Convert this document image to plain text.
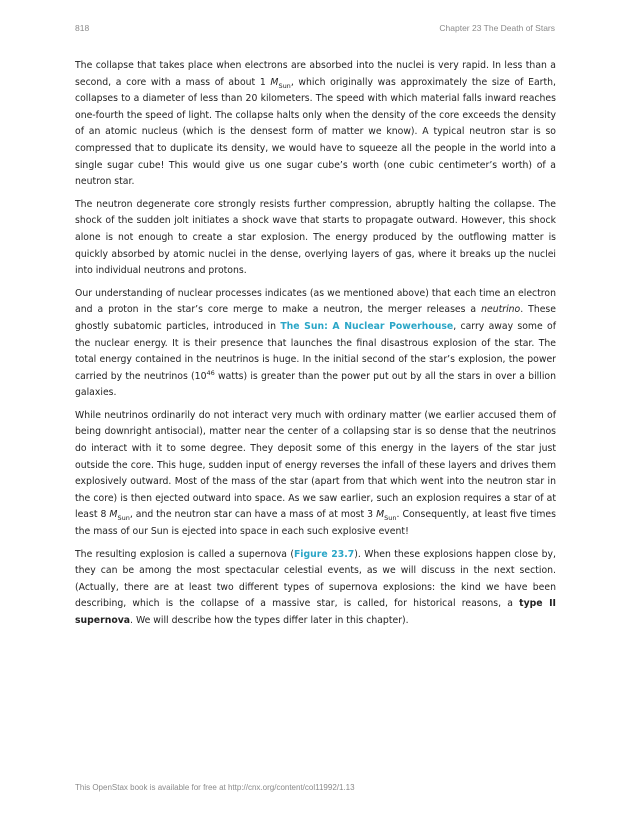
818	Chapter 23 The Death of Stars

The collapse that takes place when electrons are absorbed into the nuclei is very rapid. In less than a second, a core with a mass of about 1 $M_{Sun}$, which originally was approximately the size of Earth, collapses to a diameter of less than 20 kilometers. The speed with which material falls inward reaches one-fourth the speed of light. The collapse halts only when the density of the core exceeds the density of an atomic nucleus (which is the densest form of matter we know). A typical neutron star is so compressed that to duplicate its density, we would have to squeeze all the people in the world into a single sugar cube! This would give us one sugar cube’s worth (one cubic centimeter’s worth) of a neutron star.

The neutron degenerate core strongly resists further compression, abruptly halting the collapse. The shock of the sudden jolt initiates a shock wave that starts to propagate outward. However, this shock alone is not enough to create a star explosion. The energy produced by the outflowing matter is quickly absorbed by atomic nuclei in the dense, overlying layers of gas, where it breaks up the nuclei into individual neutrons and protons.

Our understanding of nuclear processes indicates (as we mentioned above) that each time an electron and a proton in the star’s core merge to make a neutron, the merger releases a neutrino. These ghostly subatomic particles, introduced in The Sun: A Nuclear Powerhouse, carry away some of the nuclear energy. It is their presence that launches the final disastrous explosion of the star. The total energy contained in the neutrinos is huge. In the initial second of the star’s explosion, the power carried by the neutrinos ($10^{46}$ watts) is greater than the power put out by all the stars in over a billion galaxies.

While neutrinos ordinarily do not interact very much with ordinary matter (we earlier accused them of being downright antisocial), matter near the center of a collapsing star is so dense that the neutrinos do interact with it to some degree. They deposit some of this energy in the layers of the star just outside the core. This huge, sudden input of energy reverses the infall of these layers and drives them explosively outward. Most of the mass of the star (apart from that which went into the neutron star in the core) is then ejected outward into space. As we saw earlier, such an explosion requires a star of at least 8 $M_{Sun}$, and the neutron star can have a mass of at most 3 $M_{Sun}$. Consequently, at least five times the mass of our Sun is ejected into space in each such explosive event!

The resulting explosion is called a supernova (Figure 23.7). When these explosions happen close by, they can be among the most spectacular celestial events, as we will discuss in the next section. (Actually, there are at least two different types of supernova explosions: the kind we have been describing, which is the collapse of a massive star, is called, for historical reasons, a type II supernova. We will describe how the types differ later in this chapter).

This OpenStax book is available for free at http://cnx.org/content/col11992/1.13
